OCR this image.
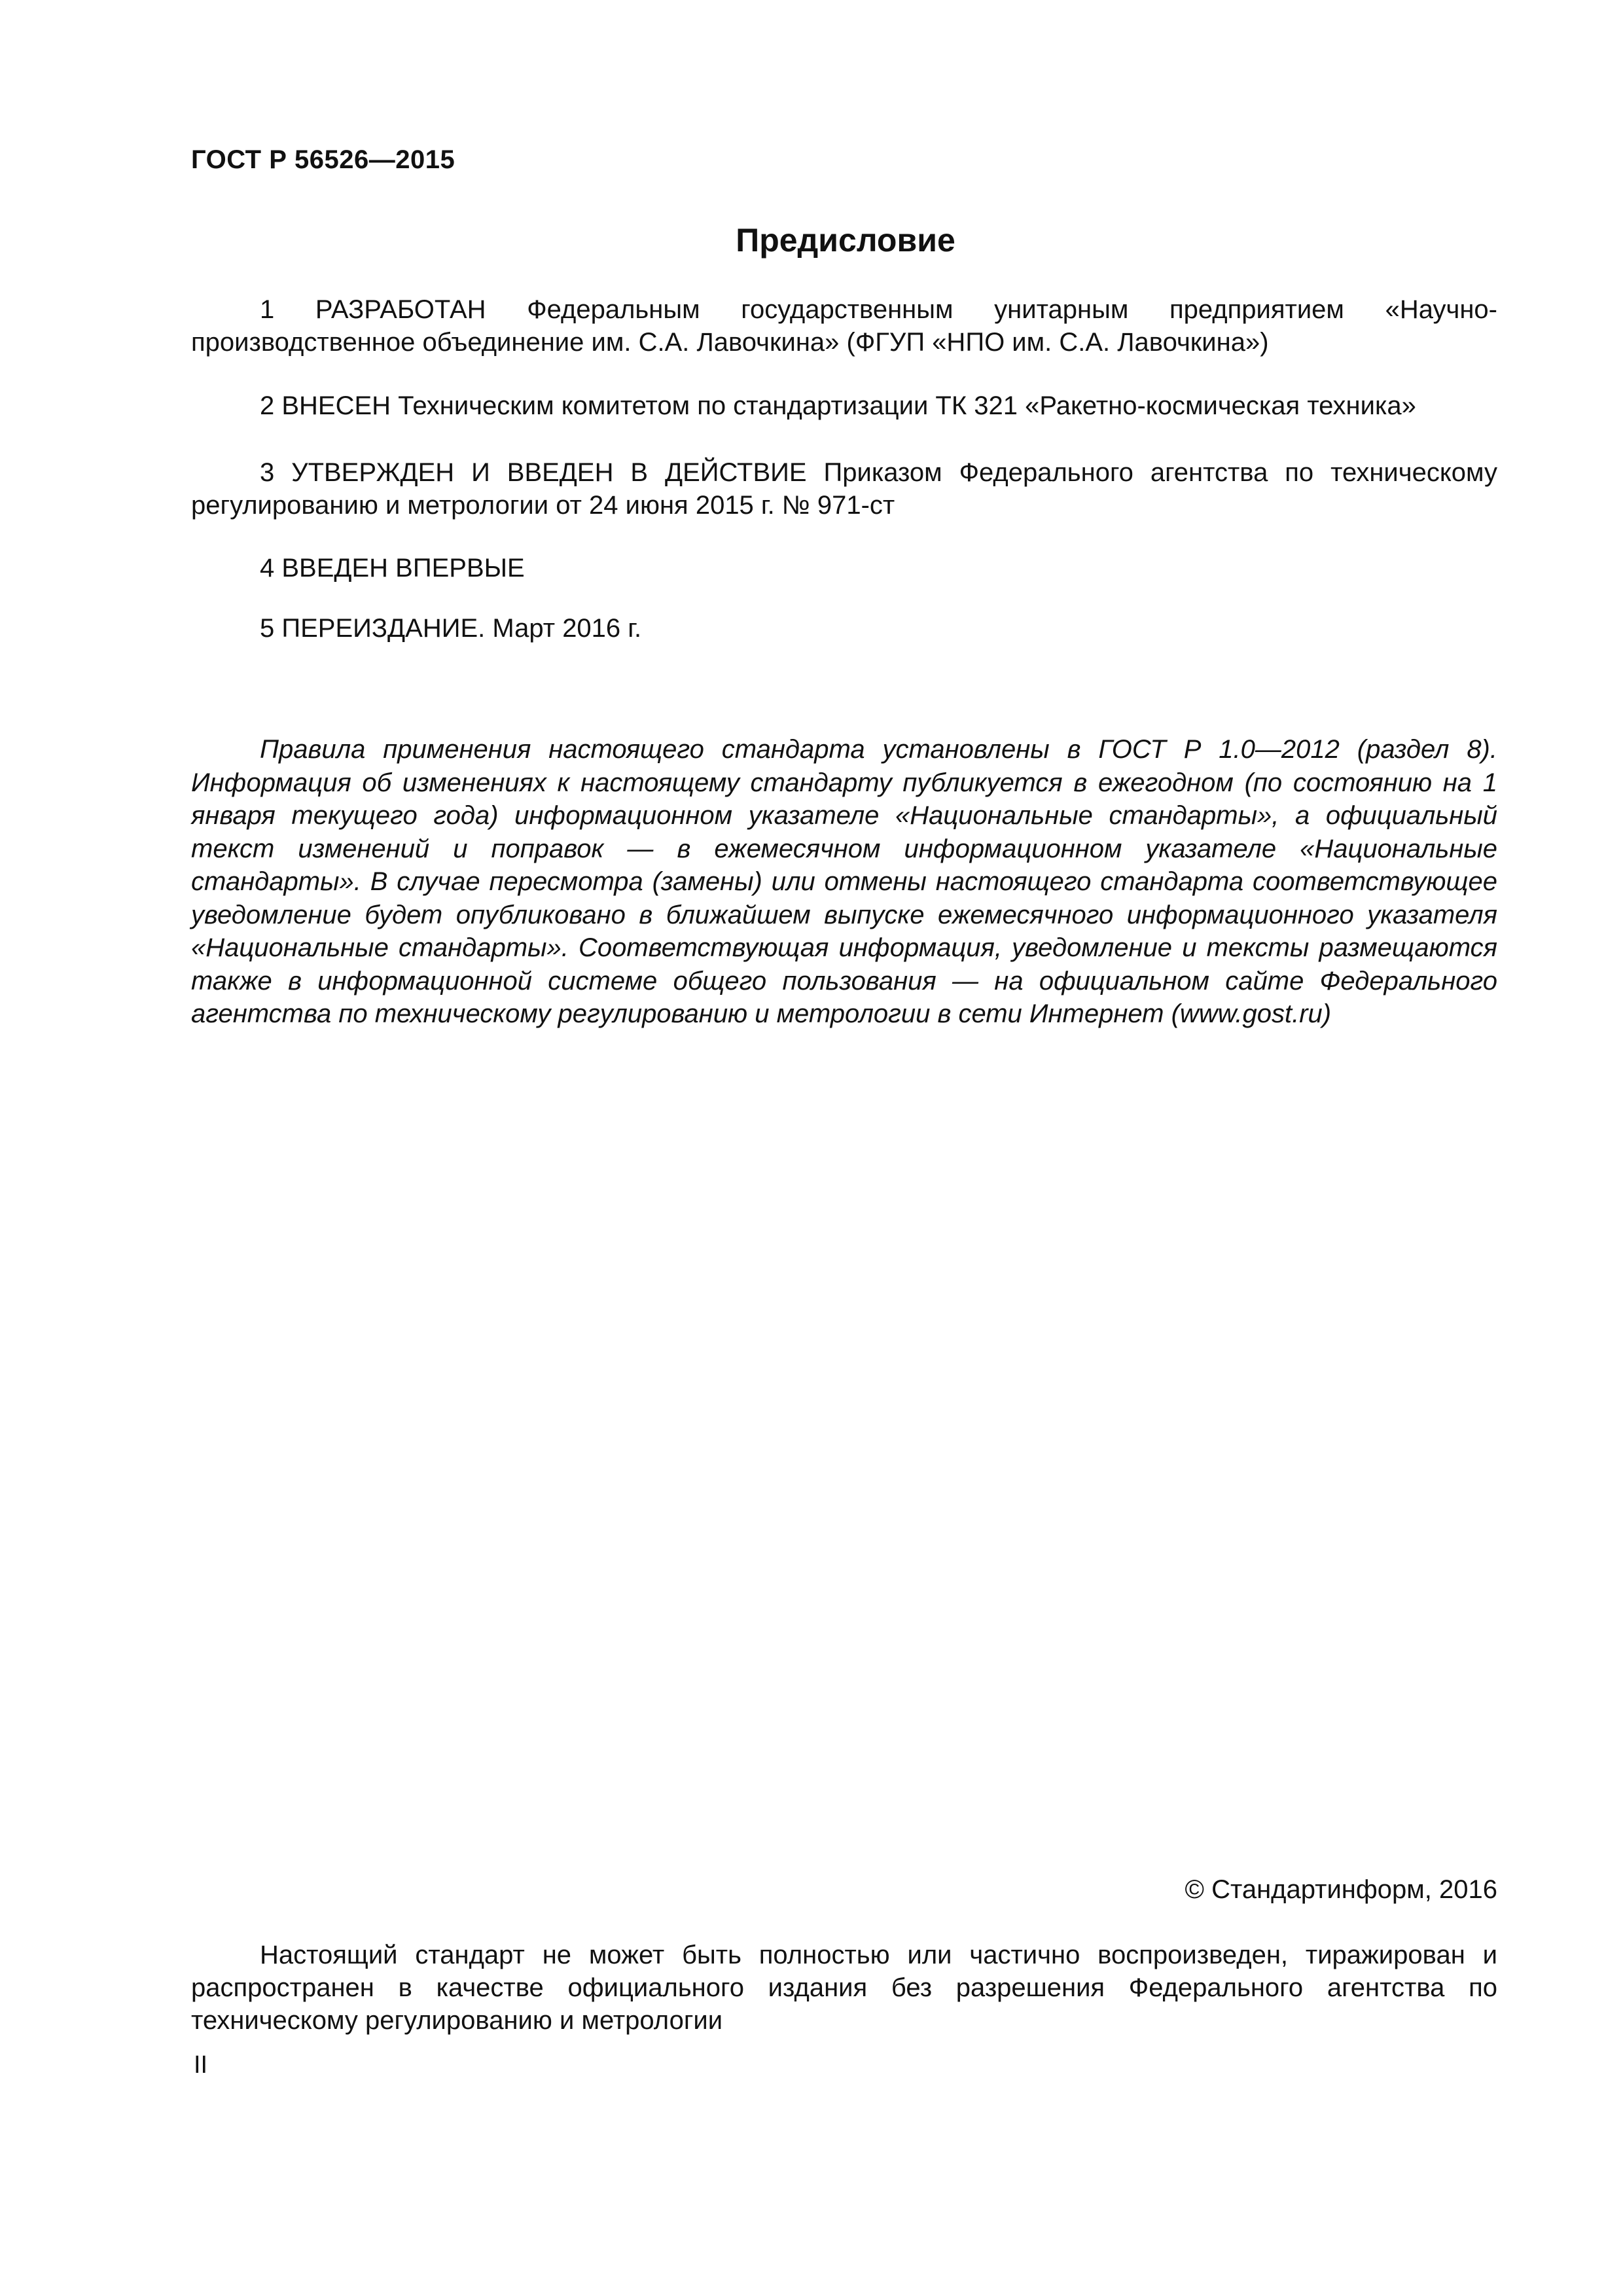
ГОСТ Р 56526—2015
Предисловие
1 РАЗРАБОТАН Федеральным государственным унитарным предприятием «Научно-производственное объединение им. С.А. Лавочкина» (ФГУП «НПО им. С.А. Лавочкина»)
2 ВНЕСЕН Техническим комитетом по стандартизации ТК 321 «Ракетно-космическая техника»
3 УТВЕРЖДЕН И ВВЕДЕН В ДЕЙСТВИЕ Приказом Федерального агентства по техническому регулированию и метрологии от 24 июня 2015 г. № 971-ст
4 ВВЕДЕН ВПЕРВЫЕ
5 ПЕРЕИЗДАНИЕ. Март 2016 г.
Правила применения настоящего стандарта установлены в ГОСТ Р 1.0—2012 (раздел 8). Информация об изменениях к настоящему стандарту публикуется в ежегодном (по состоянию на 1 января текущего года) информационном указателе «Национальные стандарты», а официальный текст изменений и поправок — в ежемесячном информационном указателе «Национальные стандарты». В случае пересмотра (замены) или отмены настоящего стандарта соответствующее уведомление будет опубликовано в ближайшем выпуске ежемесячного информационного указателя «Национальные стандарты». Соответствующая информация, уведомление и тексты размещаются также в информационной системе общего пользования — на официальном сайте Федерального агентства по техническому регулированию и метрологии в сети Интернет (www.gost.ru)
© Стандартинформ, 2016
Настоящий стандарт не может быть полностью или частично воспроизведен, тиражирован и распространен в качестве официального издания без разрешения Федерального агентства по техническому регулированию и метрологии
II
